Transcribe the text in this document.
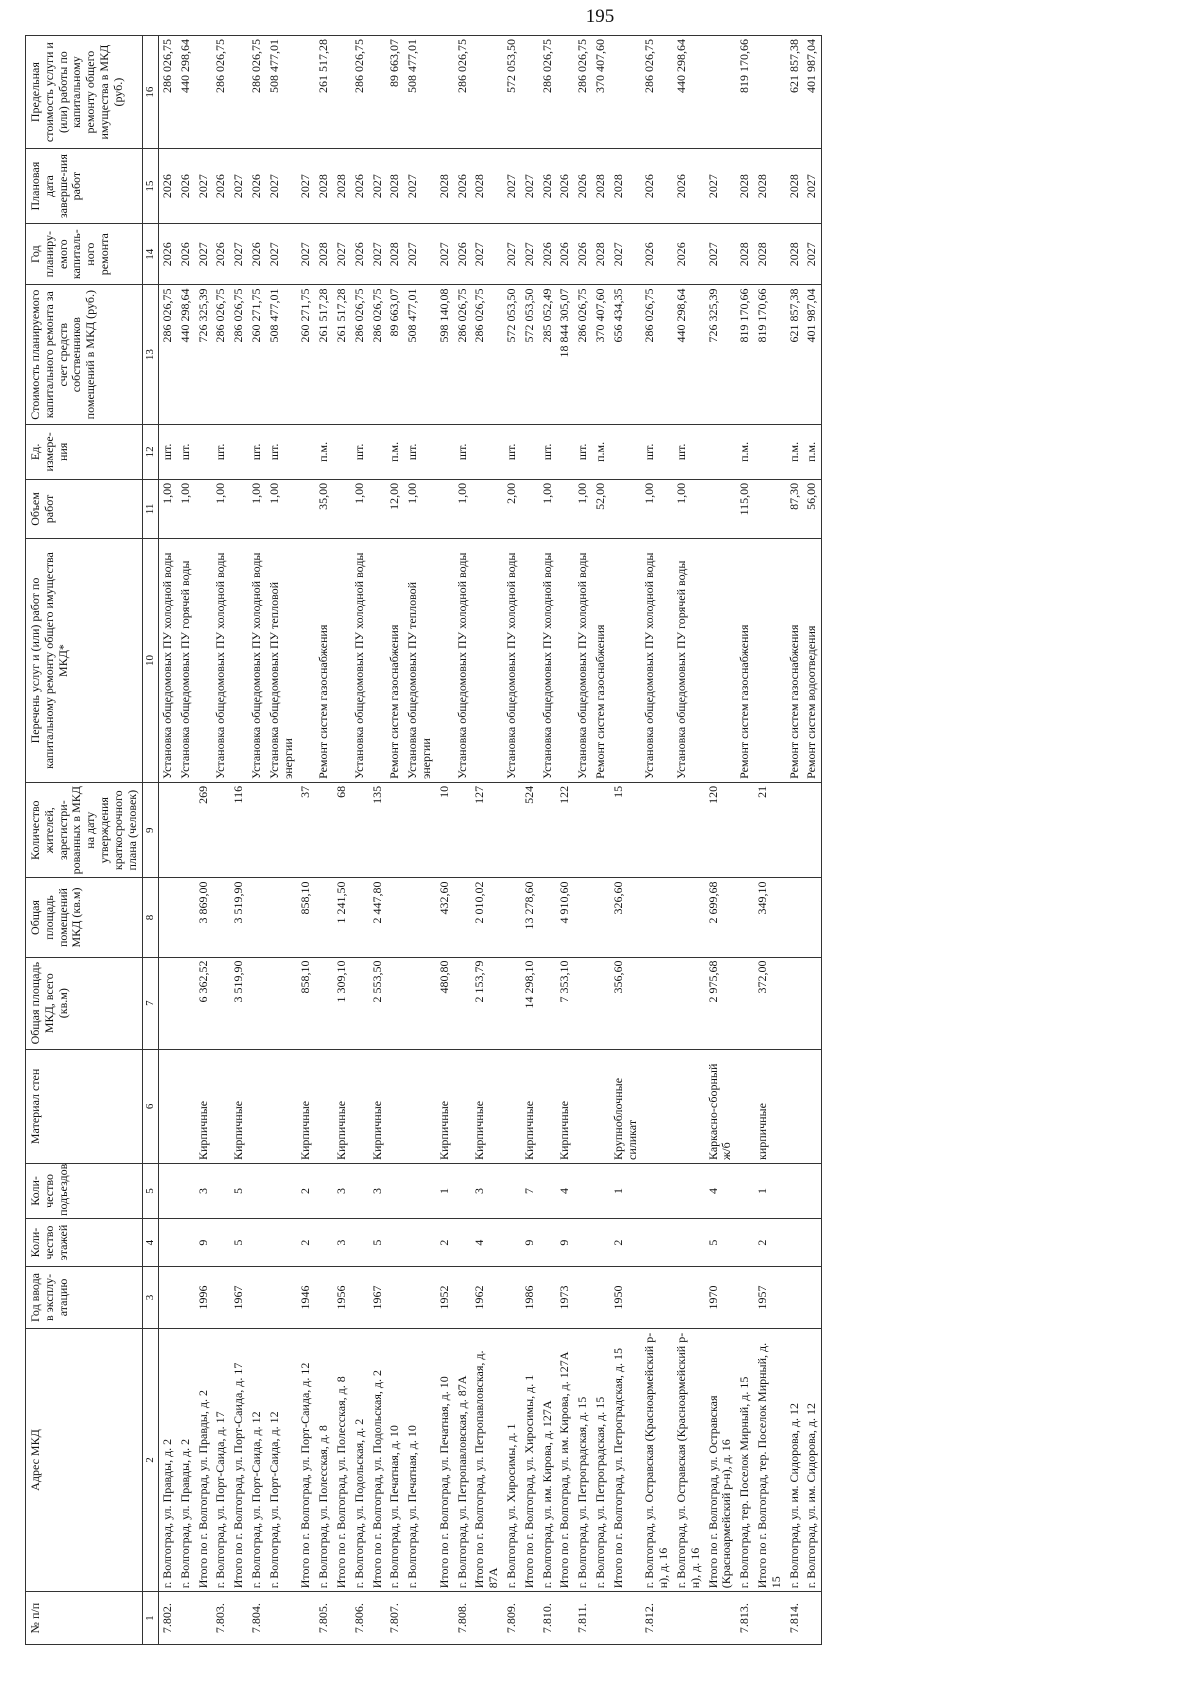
195
№ п/п	Адрес МКД	Год ввода в эксплу-атацию	Коли-чество этажей	Коли-чество подъездов	Материал стен	Общая площадь МКД, всего (кв.м)	Общая площадь помещений МКД (кв.м)	Количество жителей, зарегистри-рованных в МКД на дату утверждения краткосрочного плана (человек)	Перечень услуг и (или) работ по капитальному ремонту общего имущества МКД*	Объем работ	Ед. измере-ния	Стоимость планируемого капитального ремонта за счет средств собственников помещений в МКД (руб.)	Год планиру-емого капиталь-ного ремонта	Плановая дата заверше-ния работ	Предельная стоимость услуги и (или) работы по капитальному ремонту общего имущества в МКД (руб.)
1	2	3	4	5	6	7	8	9	10	11	12	13	14	15	16
7.802.	г. Волгоград, ул. Правды, д. 2								Установка общедомовых ПУ холодной воды	1,00	шт.	286 026,75	2026	2026	286 026,75
	г. Волгоград, ул. Правды, д. 2								Установка общедомовых ПУ горячей воды	1,00	шт.	440 298,64	2026	2026	440 298,64
	Итого по г. Волгоград, ул. Правды, д. 2	1996	9	3	Кирпичные	6 362,52	3 869,00	269				726 325,39	2027	2027	
7.803.	г. Волгоград, ул. Порт-Саида, д. 17								Установка общедомовых ПУ холодной воды	1,00	шт.	286 026,75	2026	2026	286 026,75
	Итого по г. Волгоград, ул. Порт-Саида, д. 17	1967	5	5	Кирпичные	3 519,90	3 519,90	116				286 026,75	2027	2027	
7.804.	г. Волгоград, ул. Порт-Саида, д. 12								Установка общедомовых ПУ холодной воды	1,00	шт.	260 271,75	2026	2026	286 026,75
	г. Волгоград, ул. Порт-Саида, д. 12								Установка общедомовых ПУ тепловой энергии	1,00	шт.	508 477,01	2027	2027	508 477,01
	Итого по г. Волгоград, ул. Порт-Саида, д. 12	1946	2	2	Кирпичные	858,10	858,10	37				260 271,75	2027	2027	
7.805.	г. Волгоград, ул. Полесская, д. 8								Ремонт систем газоснабжения	35,00	п.м.	261 517,28	2028	2028	261 517,28
	Итого по г. Волгоград, ул. Полесская, д. 8	1956	3	3	Кирпичные	1 309,10	1 241,50	68				261 517,28	2027	2028	
7.806.	г. Волгоград, ул. Подольская, д. 2								Установка общедомовых ПУ холодной воды	1,00	шт.	286 026,75	2026	2026	286 026,75
	Итого по г. Волгоград, ул. Подольская, д. 2	1967	5	3	Кирпичные	2 553,50	2 447,80	135				286 026,75	2027	2027	
7.807.	г. Волгоград, ул. Печатная, д. 10								Ремонт систем газоснабжения	12,00	п.м.	89 663,07	2028	2028	89 663,07
	г. Волгоград, ул. Печатная, д. 10								Установка общедомовых ПУ тепловой энергии	1,00	шт.	508 477,01	2027	2027	508 477,01
	Итого по г. Волгоград, ул. Печатная, д. 10	1952	2	1	Кирпичные	480,80	432,60	10				598 140,08	2027	2028	
7.808.	г. Волгоград, ул. Петропавловская, д. 87А								Установка общедомовых ПУ холодной воды	1,00	шт.	286 026,75	2026	2026	286 026,75
	Итого по г. Волгоград, ул. Петропавловская, д. 87А	1962	4	3	Кирпичные	2 153,79	2 010,02	127				286 026,75	2027	2028	
7.809.	г. Волгоград, ул. Хиросимы, д. 1								Установка общедомовых ПУ холодной воды	2,00	шт.	572 053,50	2027	2027	572 053,50
	Итого по г. Волгоград, ул. Хиросимы, д. 1	1986	9	7	Кирпичные	14 298,10	13 278,60	524				572 053,50	2027	2027	
7.810.	г. Волгоград, ул. им. Кирова, д. 127А								Установка общедомовых ПУ холодной воды	1,00	шт.	285 052,49	2026	2026	286 026,75
	Итого по г. Волгоград, ул. им. Кирова, д. 127А	1973	9	4	Кирпичные	7 353,10	4 910,60	122				18 844 305,07	2026	2026	
7.811.	г. Волгоград, ул. Петроградская, д. 15								Установка общедомовых ПУ холодной воды	1,00	шт.	286 026,75	2026	2026	286 026,75
	г. Волгоград, ул. Петроградская, д. 15								Ремонт систем газоснабжения	52,00	п.м.	370 407,60	2028	2028	370 407,60
	Итого по г. Волгоград, ул. Петроградская, д. 15	1950	2	1	Крупноблочные силикат	356,60	326,60	15				656 434,35	2027	2028	
7.812.	г. Волгоград, ул. Остравская (Красноармейский р-н), д. 16								Установка общедомовых ПУ холодной воды	1,00	шт.	286 026,75	2026	2026	286 026,75
	г. Волгоград, ул. Остравская (Красноармейский р-н), д. 16								Установка общедомовых ПУ горячей воды	1,00	шт.	440 298,64	2026	2026	440 298,64
	Итого по г. Волгоград, ул. Остравская (Красноармейский р-н), д. 16	1970	5	4	Каркасно-сборный ж/б	2 975,68	2 699,68	120				726 325,39	2027	2027	
7.813.	г. Волгоград, тер. Поселок Мирный, д. 15								Ремонт систем газоснабжения	115,00	п.м.	819 170,66	2028	2028	819 170,66
	Итого по г. Волгоград, тер. Поселок Мирный, д. 15	1957	2	1	кирпичные	372,00	349,10	21				819 170,66	2028	2028	
7.814.	г. Волгоград, ул. им. Сидорова, д. 12								Ремонт систем газоснабжения	87,30	п.м.	621 857,38	2028	2028	621 857,38
	г. Волгоград, ул. им. Сидорова, д. 12								Ремонт систем водоотведения	56,00	п.м.	401 987,04	2027	2027	401 987,04
